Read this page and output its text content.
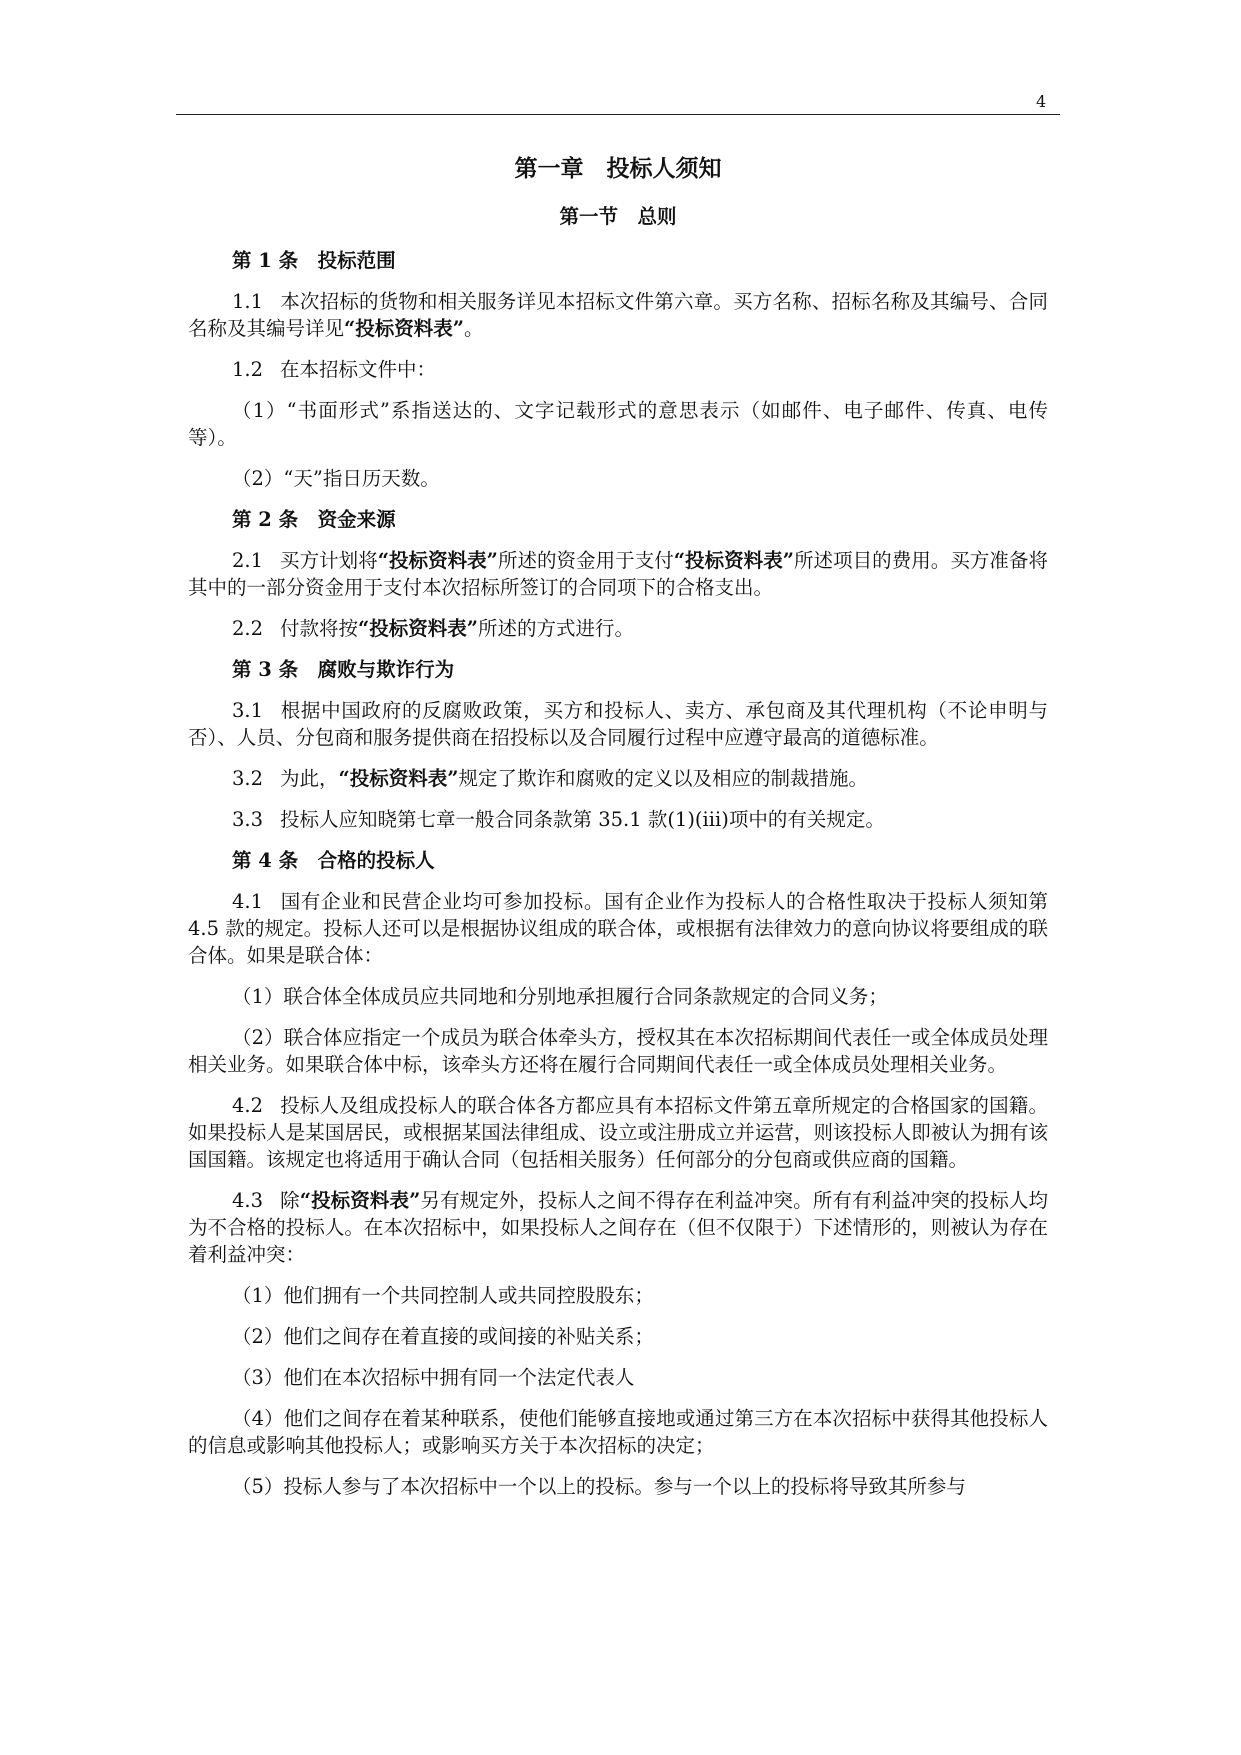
4
第一章　投标人须知
第一节　总则
第 1 条　投标范围
1.1 本次招标的货物和相关服务详见本招标文件第六章。买方名称、招标名称及其编号、合同名称及其编号详见“投标资料表”。
1.2 在本招标文件中：
（1）“书面形式”系指送达的、文字记载形式的意思表示（如邮件、电子邮件、传真、电传等）。
（2）“天”指日历天数。
第 2 条　资金来源
2.1 买方计划将“投标资料表”所述的资金用于支付“投标资料表”所述项目的费用。买方准备将其中的一部分资金用于支付本次招标所签订的合同项下的合格支出。
2.2 付款将按“投标资料表”所述的方式进行。
第 3 条　腐败与欺诈行为
3.1 根据中国政府的反腐败政策，买方和投标人、卖方、承包商及其代理机构（不论申明与否）、人员、分包商和服务提供商在招投标以及合同履行过程中应遵守最高的道德标准。
3.2 为此，“投标资料表”规定了欺诈和腐败的定义以及相应的制裁措施。
3.3 投标人应知晓第七章一般合同条款第 35.1 款(1)(iii)项中的有关规定。
第 4 条　合格的投标人
4.1 国有企业和民营企业均可参加投标。国有企业作为投标人的合格性取决于投标人须知第 4.5 款的规定。投标人还可以是根据协议组成的联合体，或根据有法律效力的意向协议将要组成的联合体。如果是联合体：
（1）联合体全体成员应共同地和分别地承担履行合同条款规定的合同义务；
（2）联合体应指定一个成员为联合体牵头方，授权其在本次招标期间代表任一或全体成员处理相关业务。如果联合体中标，该牵头方还将在履行合同期间代表任一或全体成员处理相关业务。
4.2 投标人及组成投标人的联合体各方都应具有本招标文件第五章所规定的合格国家的国籍。如果投标人是某国居民，或根据某国法律组成、设立或注册成立并运营，则该投标人即被认为拥有该国国籍。该规定也将适用于确认合同（包括相关服务）任何部分的分包商或供应商的国籍。
4.3 除“投标资料表”另有规定外，投标人之间不得存在利益冲突。所有有利益冲突的投标人均为不合格的投标人。在本次招标中，如果投标人之间存在（但不仅限于）下述情形的，则被认为存在着利益冲突：
（1）他们拥有一个共同控制人或共同控股股东；
（2）他们之间存在着直接的或间接的补贴关系；
（3）他们在本次招标中拥有同一个法定代表人
（4）他们之间存在着某种联系，使他们能够直接地或通过第三方在本次招标中获得其他投标人的信息或影响其他投标人；或影响买方关于本次招标的决定；
（5）投标人参与了本次招标中一个以上的投标。参与一个以上的投标将导致其所参与
